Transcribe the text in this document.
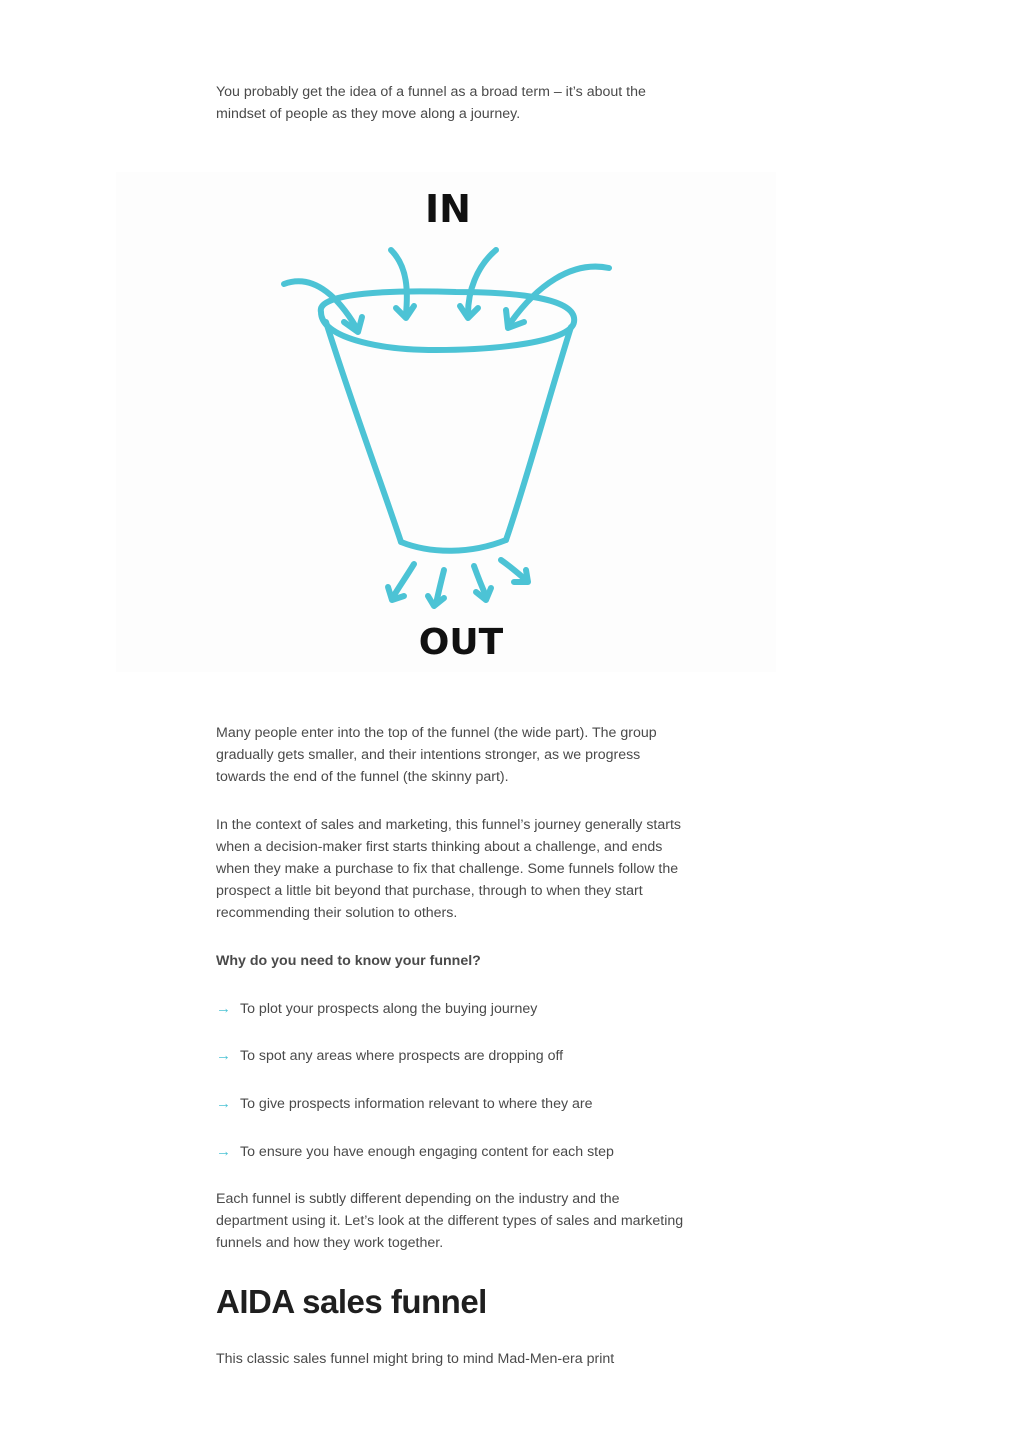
You probably get the idea of a funnel as a broad term – it’s about the mindset of people as they move along a journey.

Many people enter into the top of the funnel (the wide part). The group gradually gets smaller, and their intentions stronger, as we progress towards the end of the funnel (the skinny part).

In the context of sales and marketing, this funnel’s journey generally starts when a decision-maker first starts thinking about a challenge, and ends when they make a purchase to fix that challenge. Some funnels follow the prospect a little bit beyond that purchase, through to when they start recommending their solution to others.

Why do you need to know your funnel?

→ To plot your prospects along the buying journey
→ To spot any areas where prospects are dropping off
→ To give prospects information relevant to where they are
→ To ensure you have enough engaging content for each step

Each funnel is subtly different depending on the industry and the department using it. Let’s look at the different types of sales and marketing funnels and how they work together.

AIDA sales funnel

This classic sales funnel might bring to mind Mad-Men-era print

IN
OUT
